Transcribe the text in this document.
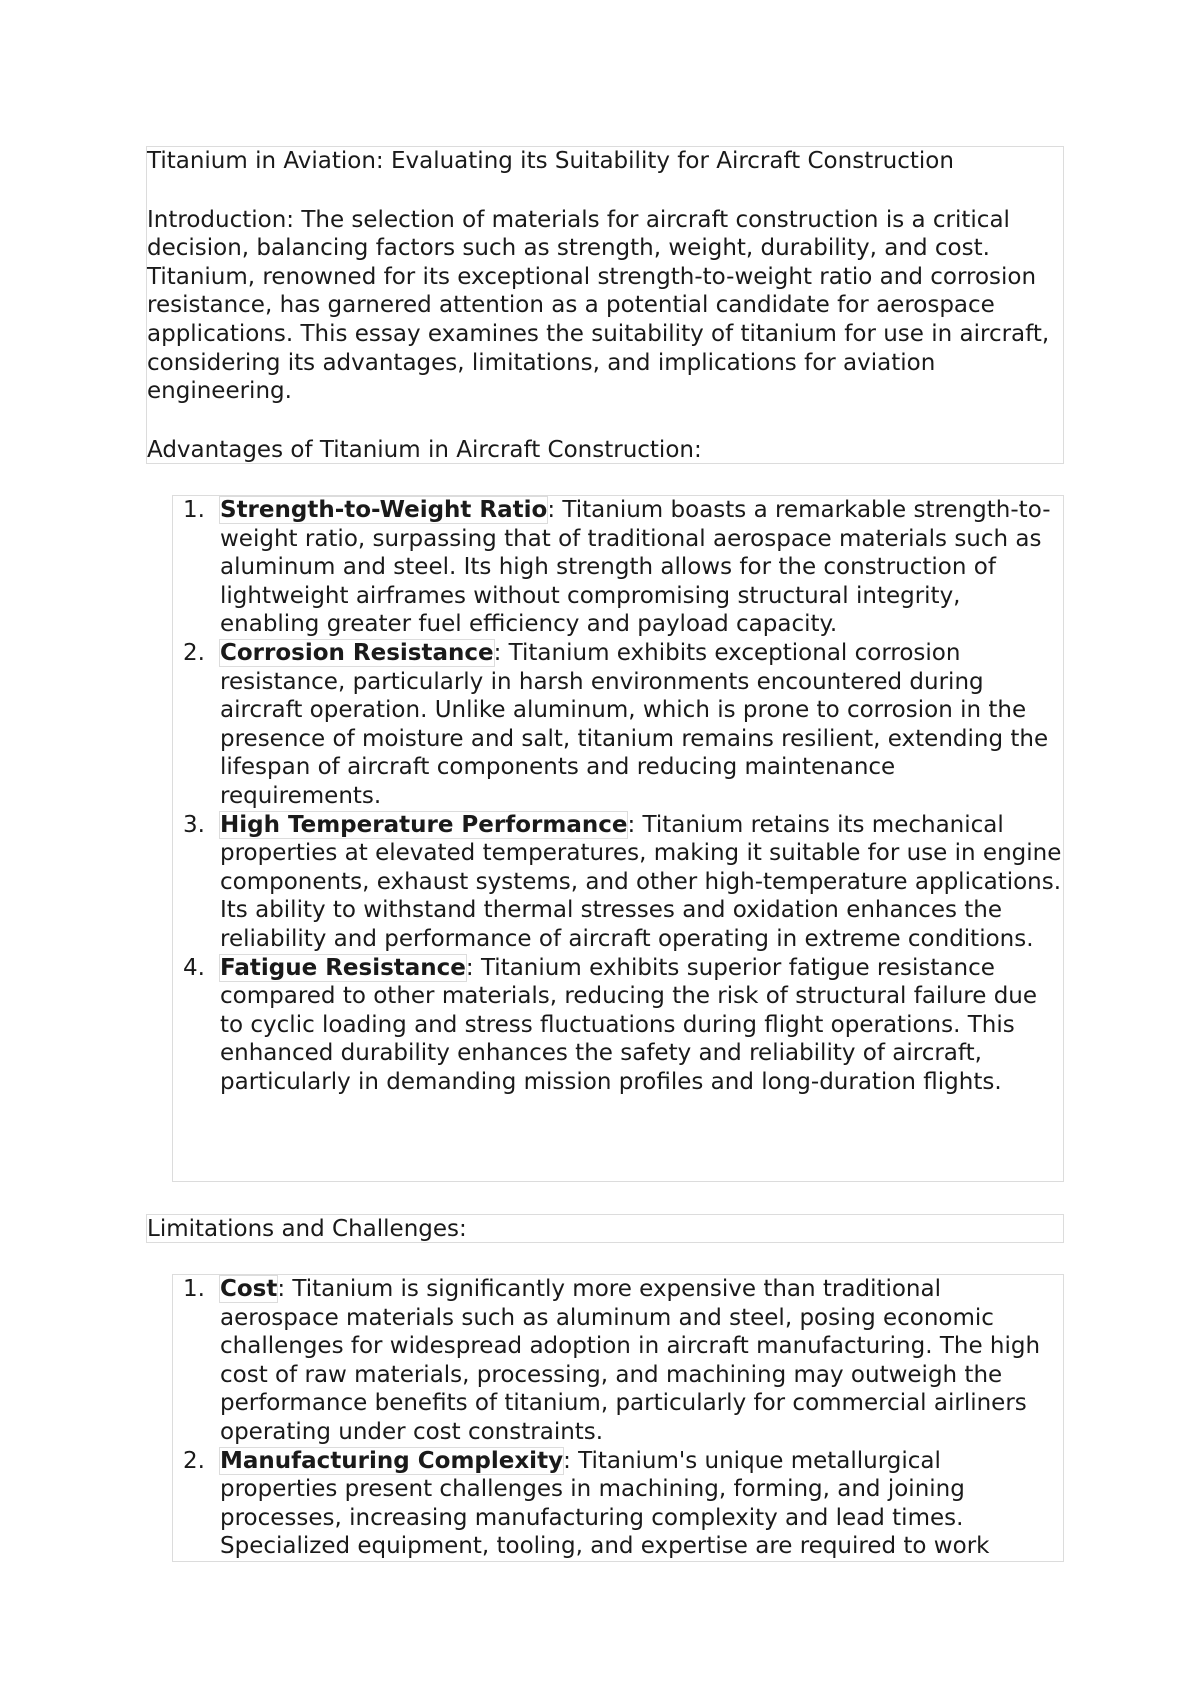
Titanium in Aviation: Evaluating its Suitability for Aircraft Construction

Introduction: The selection of materials for aircraft construction is a critical decision, balancing factors such as strength, weight, durability, and cost. Titanium, renowned for its exceptional strength-to-weight ratio and corrosion resistance, has garnered attention as a potential candidate for aerospace applications. This essay examines the suitability of titanium for use in aircraft, considering its advantages, limitations, and implications for aviation engineering.

Advantages of Titanium in Aircraft Construction:

1. Strength-to-Weight Ratio: Titanium boasts a remarkable strength-to-weight ratio, surpassing that of traditional aerospace materials such as aluminum and steel. Its high strength allows for the construction of lightweight airframes without compromising structural integrity, enabling greater fuel efficiency and payload capacity.
2. Corrosion Resistance: Titanium exhibits exceptional corrosion resistance, particularly in harsh environments encountered during aircraft operation. Unlike aluminum, which is prone to corrosion in the presence of moisture and salt, titanium remains resilient, extending the lifespan of aircraft components and reducing maintenance requirements.
3. High Temperature Performance: Titanium retains its mechanical properties at elevated temperatures, making it suitable for use in engine components, exhaust systems, and other high-temperature applications. Its ability to withstand thermal stresses and oxidation enhances the reliability and performance of aircraft operating in extreme conditions.
4. Fatigue Resistance: Titanium exhibits superior fatigue resistance compared to other materials, reducing the risk of structural failure due to cyclic loading and stress fluctuations during flight operations. This enhanced durability enhances the safety and reliability of aircraft, particularly in demanding mission profiles and long-duration flights.
Limitations and Challenges:
1. Cost: Titanium is significantly more expensive than traditional aerospace materials such as aluminum and steel, posing economic challenges for widespread adoption in aircraft manufacturing. The high cost of raw materials, processing, and machining may outweigh the performance benefits of titanium, particularly for commercial airliners operating under cost constraints.
2. Manufacturing Complexity: Titanium's unique metallurgical properties present challenges in machining, forming, and joining processes, increasing manufacturing complexity and lead times. Specialized equipment, tooling, and expertise are required to work
